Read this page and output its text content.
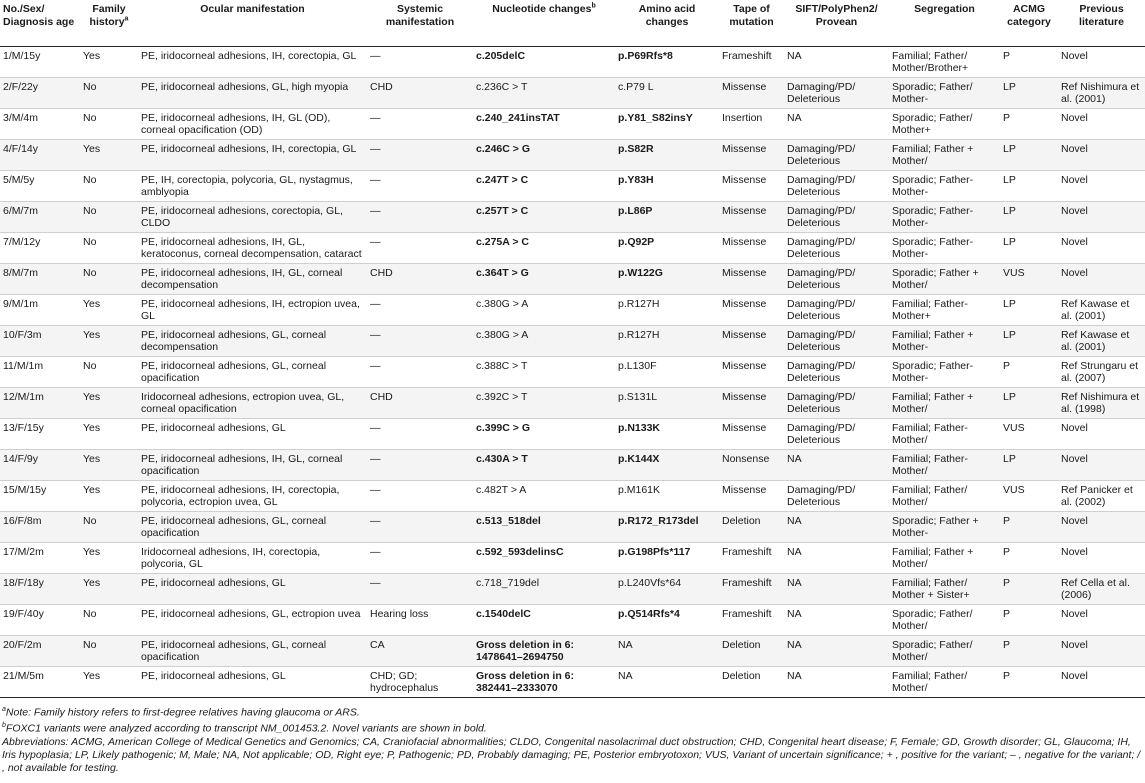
No./Sex/ Diagnosis age	Family history$^a$	Ocular manifestation	Systemic manifestation	Nucleotide changes$^b$	Amino acid changes	Tape of mutation	SIFT/PolyPhen2/ Provean	Segregation	ACMG category	Previous literature
1/M/15y	Yes	PE, iridocorneal adhesions, IH, corectopia, GL	—	c.205delC	p.P69Rfs*8	Frameshift	NA	Familial; Father/ Mother/Brother+	P	Novel
2/F/22y	No	PE, iridocorneal adhesions, GL, high myopia	CHD	c.236C > T	c.P79 L	Missense	Damaging/PD/ Deleterious	Sporadic; Father/ Mother-	LP	Ref Nishimura et al. (2001)
3/M/4m	No	PE, iridocorneal adhesions, IH, GL (OD), corneal opacification (OD)	—	c.240_241insTAT	p.Y81_S82insY	Insertion	NA	Sporadic; Father/ Mother+	P	Novel
4/F/14y	Yes	PE, iridocorneal adhesions, IH, corectopia, GL	—	c.246C > G	p.S82R	Missense	Damaging/PD/ Deleterious	Familial; Father + Mother/	LP	Novel
5/M/5y	No	PE, IH, corectopia, polycoria, GL, nystagmus, amblyopia	—	c.247T > C	p.Y83H	Missense	Damaging/PD/ Deleterious	Sporadic; Father- Mother-	LP	Novel
6/M/7m	No	PE, iridocorneal adhesions, corectopia, GL, CLDO	—	c.257T > C	p.L86P	Missense	Damaging/PD/ Deleterious	Sporadic; Father- Mother-	LP	Novel
7/M/12y	No	PE, iridocorneal adhesions, IH, GL, keratoconus, corneal decompensation, cataract	—	c.275A > C	p.Q92P	Missense	Damaging/PD/ Deleterious	Sporadic; Father- Mother-	LP	Novel
8/M/7m	No	PE, iridocorneal adhesions, IH, GL, corneal decompensation	CHD	c.364T > G	p.W122G	Missense	Damaging/PD/ Deleterious	Sporadic; Father + Mother/	VUS	Novel
9/M/1m	Yes	PE, iridocorneal adhesions, IH, ectropion uvea, GL	—	c.380G > A	p.R127H	Missense	Damaging/PD/ Deleterious	Familial; Father- Mother+	LP	Ref Kawase et al. (2001)
10/F/3m	Yes	PE, iridocorneal adhesions, GL, corneal decompensation	—	c.380G > A	p.R127H	Missense	Damaging/PD/ Deleterious	Familial; Father + Mother-	LP	Ref Kawase et al. (2001)
11/M/1m	No	PE, iridocorneal adhesions, GL, corneal opacification	—	c.388C > T	p.L130F	Missense	Damaging/PD/ Deleterious	Sporadic; Father- Mother-	P	Ref Strungaru et al. (2007)
12/M/1m	Yes	Iridocorneal adhesions, ectropion uvea, GL, corneal opacification	CHD	c.392C > T	p.S131L	Missense	Damaging/PD/ Deleterious	Familial; Father + Mother/	LP	Ref Nishimura et al. (1998)
13/F/15y	Yes	PE, iridocorneal adhesions, GL	—	c.399C > G	p.N133K	Missense	Damaging/PD/ Deleterious	Familial; Father- Mother/	VUS	Novel
14/F/9y	Yes	PE, iridocorneal adhesions, IH, GL, corneal opacification	—	c.430A > T	p.K144X	Nonsense	NA	Familial; Father- Mother/	LP	Novel
15/M/15y	Yes	PE, iridocorneal adhesions, IH, corectopia, polycoria, ectropion uvea, GL	—	c.482T > A	p.M161K	Missense	Damaging/PD/ Deleterious	Familial; Father/ Mother/	VUS	Ref Panicker et al. (2002)
16/F/8m	No	PE, iridocorneal adhesions, GL, corneal opacification	—	c.513_518del	p.R172_R173del	Deletion	NA	Sporadic; Father + Mother-	P	Novel
17/M/2m	Yes	Iridocorneal adhesions, IH, corectopia, polycoria, GL	—	c.592_593delinsC	p.G198Pfs*117	Frameshift	NA	Familial; Father + Mother/	P	Novel
18/F/18y	Yes	PE, iridocorneal adhesions, GL	—	c.718_719del	p.L240Vfs*64	Frameshift	NA	Familial; Father/ Mother + Sister+	P	Ref Cella et al. (2006)
19/F/40y	No	PE, iridocorneal adhesions, GL, ectropion uvea	Hearing loss	c.1540delC	p.Q514Rfs*4	Frameshift	NA	Sporadic; Father/ Mother/	P	Novel
20/F/2m	No	PE, iridocorneal adhesions, GL, corneal opacification	CA	Gross deletion in 6: 1478641–2694750	NA	Deletion	NA	Sporadic; Father/ Mother/	P	Novel
21/M/5m	Yes	PE, iridocorneal adhesions, GL	CHD; GD; hydrocephalus	Gross deletion in 6: 382441–2333070	NA	Deletion	NA	Familial; Father/ Mother/	P	Novel

$^a$Note: Family history refers to first-degree relatives having glaucoma or ARS.

$^b$FOXC1 variants were analyzed according to transcript NM_001453.2. Novel variants are shown in bold.

Abbreviations: ACMG, American College of Medical Genetics and Genomics; CA, Craniofacial abnormalities; CLDO, Congenital nasolacrimal duct obstruction; CHD, Congenital heart disease; F, Female; GD, Growth disorder; GL, Glaucoma; IH, Iris hypoplasia; LP, Likely pathogenic; M, Male; NA, Not applicable; OD, Right eye; P, Pathogenic; PD, Probably damaging; PE, Posterior embryotoxon; VUS, Variant of uncertain significance; + , positive for the variant; – , negative for the variant; / , not available for testing.
